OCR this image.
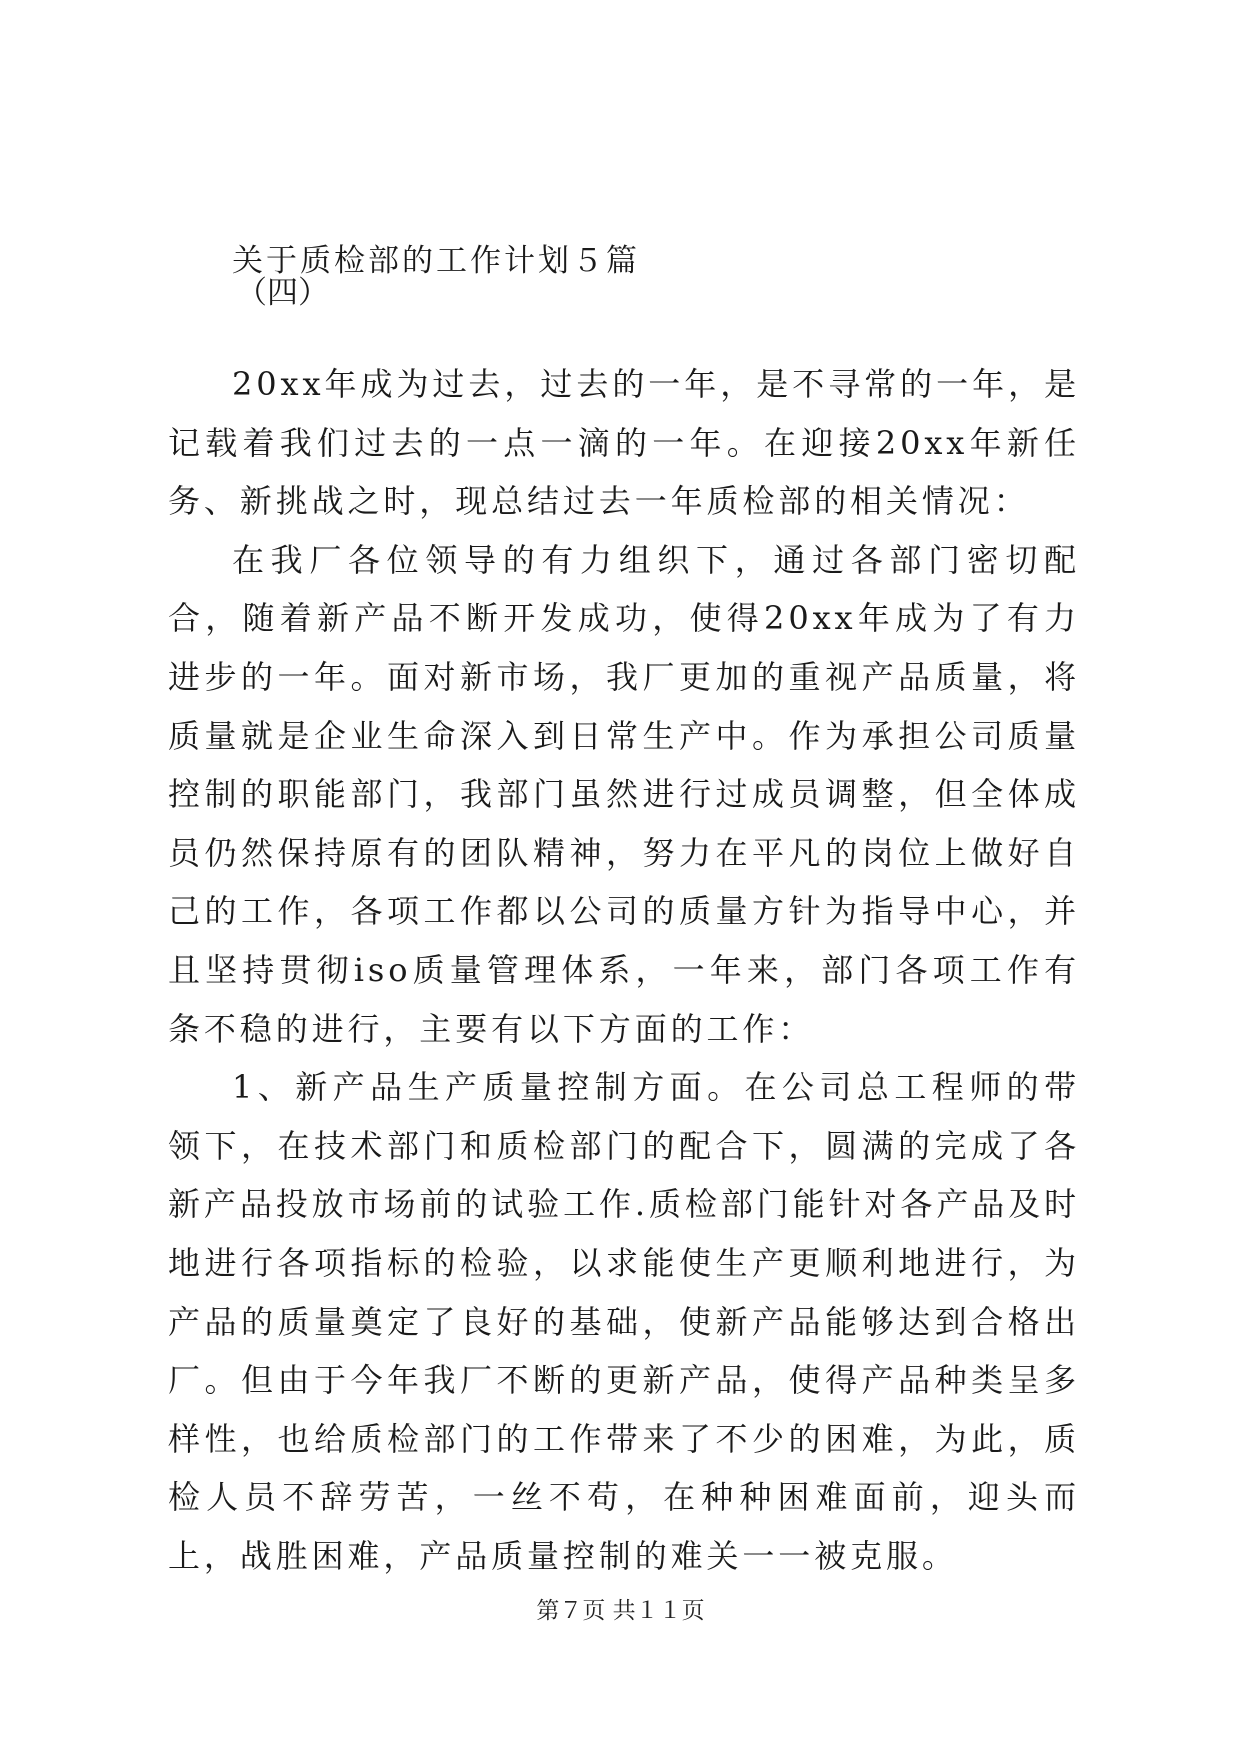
关于质检部的工作计划５篇
（四）

20xx年成为过去，过去的一年，是不寻常的一年，是记载着我们过去的一点一滴的一年。在迎接20xx年新任务、新挑战之时，现总结过去一年质检部的相关情况：

在我厂各位领导的有力组织下，通过各部门密切配合，随着新产品不断开发成功，使得20xx年成为了有力进步的一年。面对新市场，我厂更加的重视产品质量，将质量就是企业生命深入到日常生产中。作为承担公司质量控制的职能部门，我部门虽然进行过成员调整，但全体成员仍然保持原有的团队精神，努力在平凡的岗位上做好自己的工作，各项工作都以公司的质量方针为指导中心，并且坚持贯彻iso质量管理体系，一年来，部门各项工作有条不稳的进行，主要有以下方面的工作：

1、新产品生产质量控制方面。在公司总工程师的带领下，在技术部门和质检部门的配合下，圆满的完成了各新产品投放市场前的试验工作.质检部门能针对各产品及时地进行各项指标的检验，以求能使生产更顺利地进行，为产品的质量奠定了良好的基础，使新产品能够达到合格出厂。但由于今年我厂不断的更新产品，使得产品种类呈多样性，也给质检部门的工作带来了不少的困难，为此，质检人员不辞劳苦，一丝不苟，在种种困难面前，迎头而上，战胜困难，产品质量控制的难关一一被克服。

第７页 共１１页
